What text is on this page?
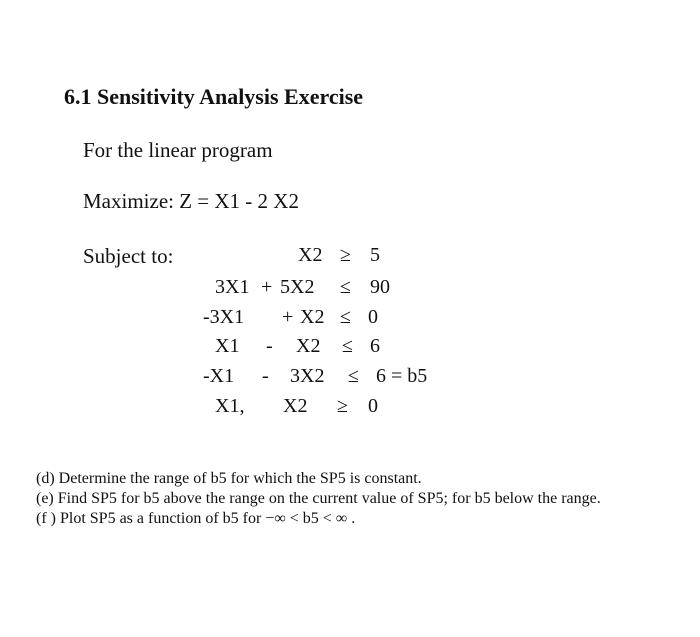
6.1 Sensitivity Analysis Exercise
For the linear program
Maximize: Z = X1 - 2 X2
Subject to:	X2 ≥ 5
3X1 + 5X2 ≤ 90
-3X1 + X2 ≤ 0
X1 - X2 ≤ 6
-X1 - 3X2 ≤ 6 = b5
X1, X2 ≥ 0
(d) Determine the range of b5 for which the SP5 is constant.
(e) Find SP5 for b5 above the range on the current value of SP5; for b5 below the range.
(f ) Plot SP5 as a function of b5 for −∞ < b5 < ∞ .
